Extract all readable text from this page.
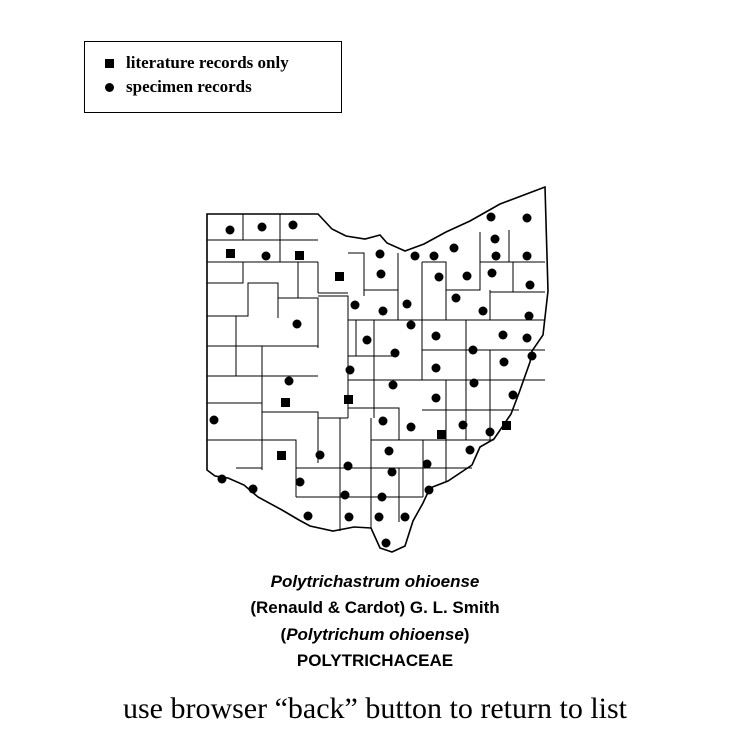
literature records only
specimen records
Polytrichastrum ohioense
(Renauld & Cardot) G. L. Smith
(Polytrichum ohioense)
POLYTRICHACEAE
use browser “back” button to return to list
